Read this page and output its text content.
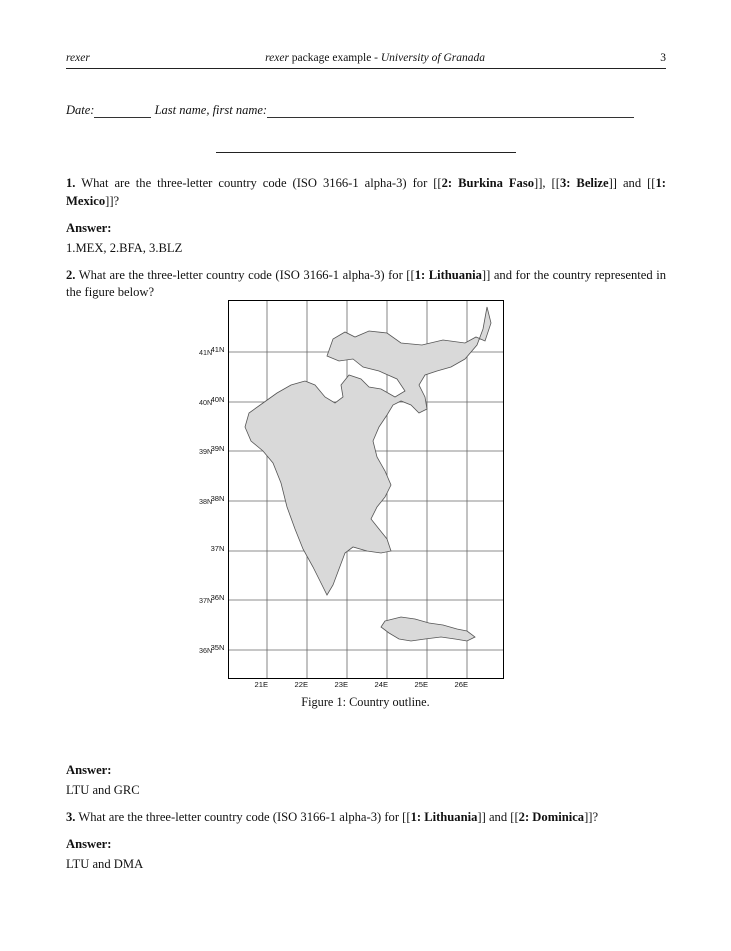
rexer	rexer package example - University of Granada	3
Date:	Last name, first name:

1. What are the three-letter country code (ISO 3166-1 alpha-3) for [[2: Burkina Faso]], [[3: Belize]] and [[1: Mexico]]?

Answer:

1.MEX, 2.BFA, 3.BLZ

2. What are the three-letter country code (ISO 3166-1 alpha-3) for [[1: Lithuania]] and for the country represented in the figure below?

41N
40N
39N
38N
37N
36N
41N
40N
39N
38N
37N
36N
35N
21E	22E	23E	24E	25E	26E
Figure 1: Country outline.

Answer:

LTU and GRC

3. What are the three-letter country code (ISO 3166-1 alpha-3) for [[1: Lithuania]] and [[2: Dominica]]?

Answer:

LTU and DMA
